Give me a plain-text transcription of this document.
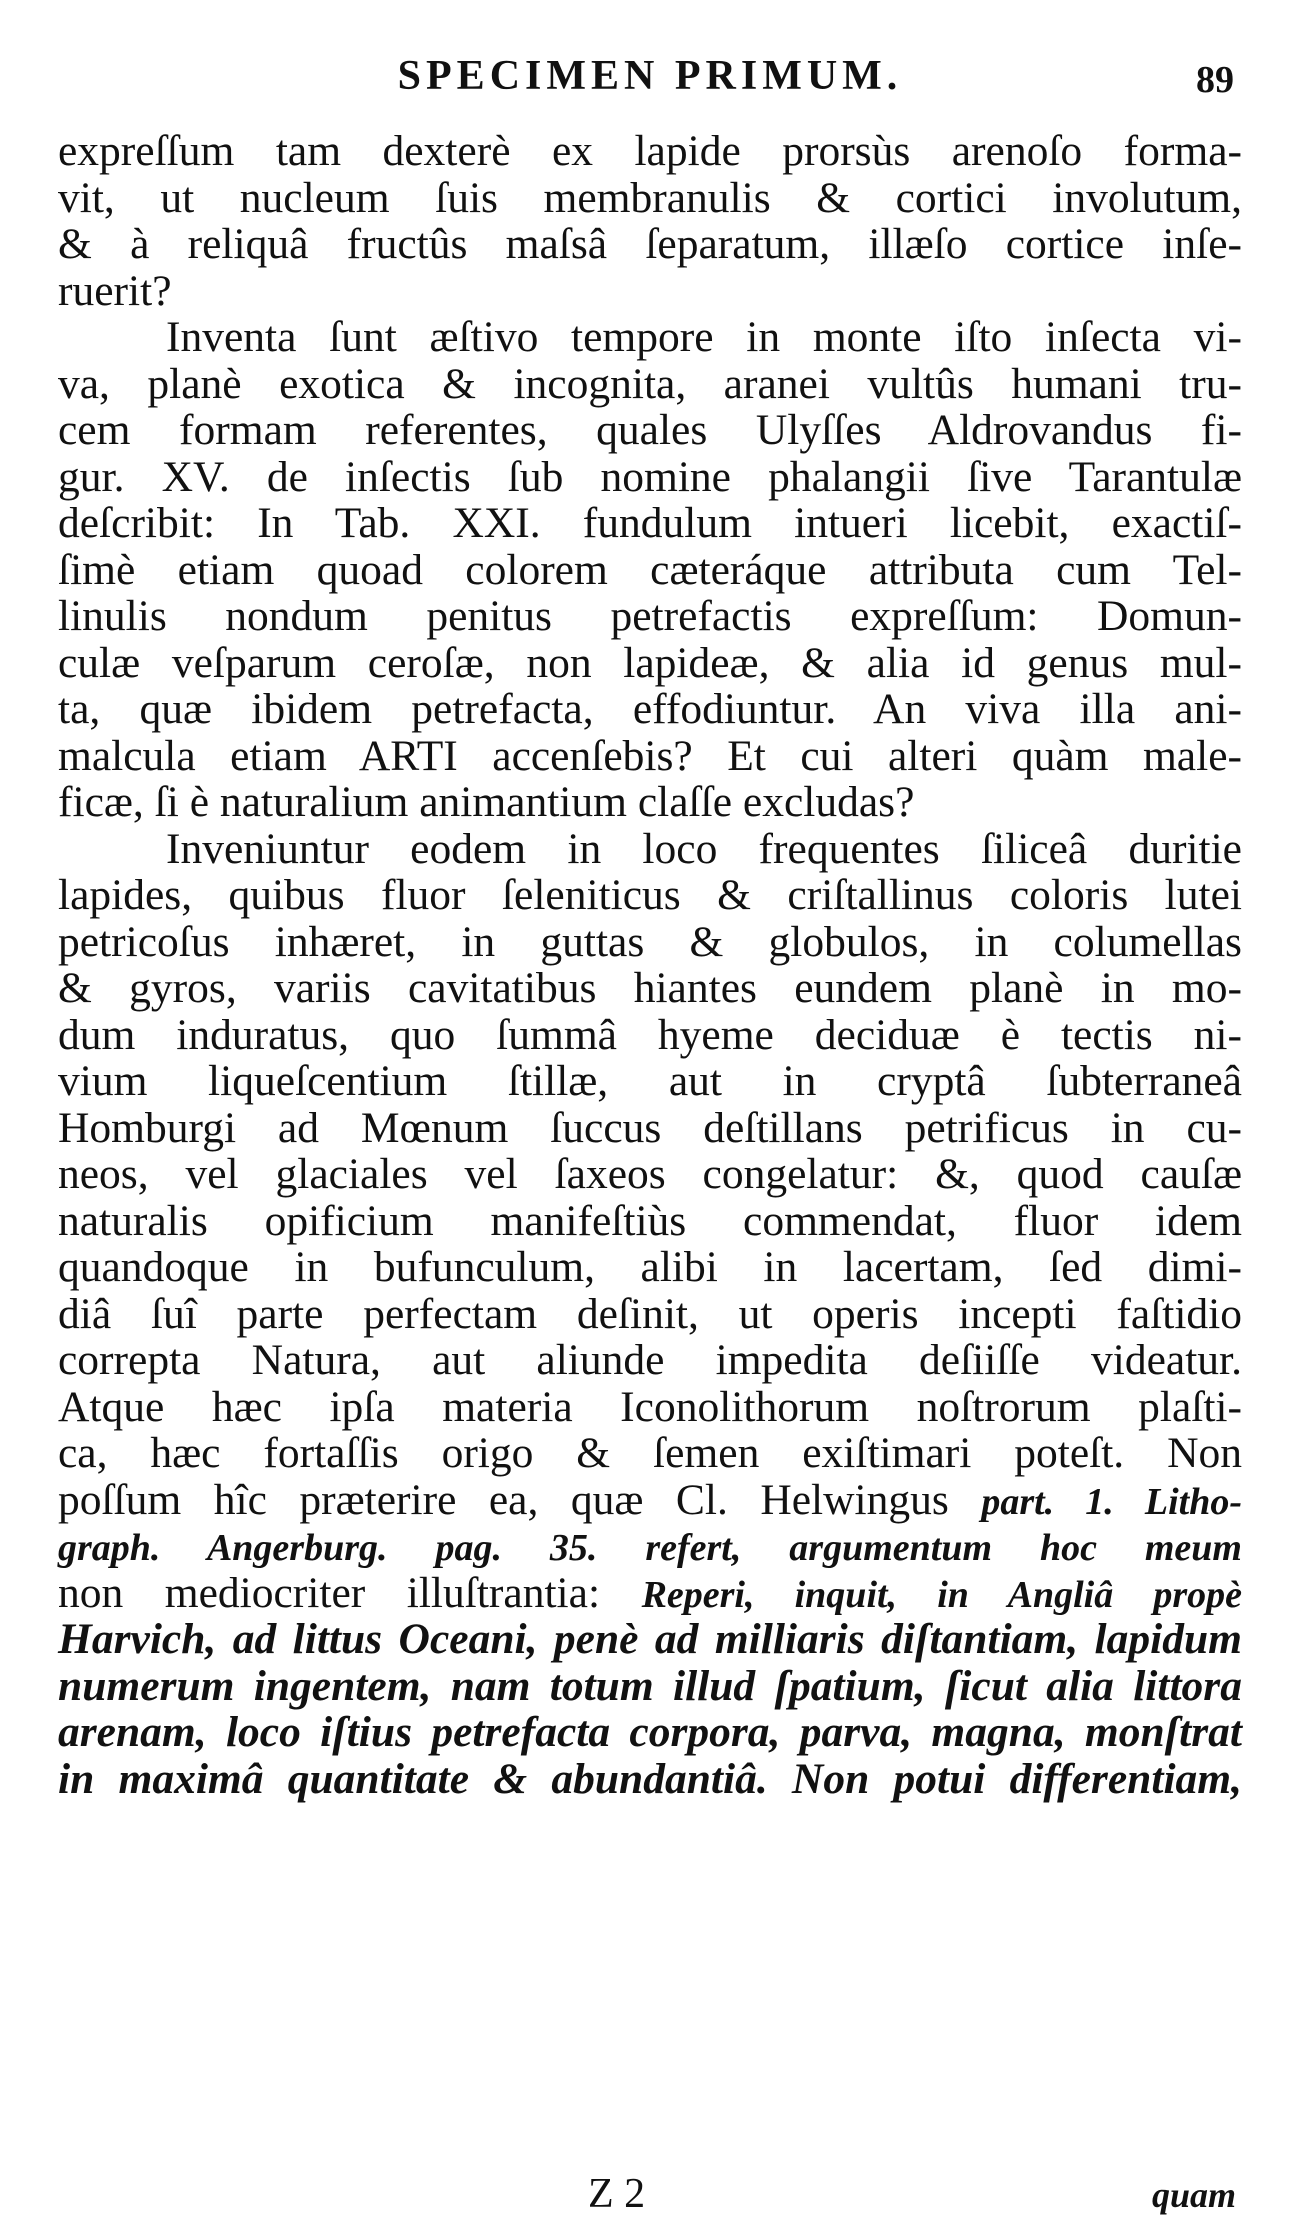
SPECIMEN PRIMUM.	89
expreſſum tam dexterè ex lapide prorsùs arenoſo forma-
vit, ut nucleum ſuis membranulis & cortici involutum,
& à reliquâ fructûs maſsâ ſeparatum, illæſo cortice inſe-
ruerit?
Inventa ſunt æſtivo tempore in monte iſto inſecta vi-
va, planè exotica & incognita, aranei vultûs humani tru-
cem formam referentes, quales Ulyſſes Aldrovandus fi-
gur. XV. de inſectis ſub nomine phalangii ſive Tarantulæ
deſcribit: In Tab. XXI. fundulum intueri licebit, exactiſ-
ſimè etiam quoad colorem cæteráque attributa cum Tel-
linulis nondum penitus petrefactis expreſſum: Domun-
culæ veſparum ceroſæ, non lapideæ, & alia id genus mul-
ta, quæ ibidem petrefacta, effodiuntur. An viva illa ani-
malcula etiam ARTI accenſebis? Et cui alteri quàm male-
ficæ, ſi è naturalium animantium claſſe excludas?
Inveniuntur eodem in loco frequentes ſiliceâ duritie
lapides, quibus fluor ſeleniticus & criſtallinus coloris lutei
petricoſus inhæret, in guttas & globulos, in columellas
& gyros, variis cavitatibus hiantes eundem planè in mo-
dum induratus, quo ſummâ hyeme deciduæ è tectis ni-
vium liqueſcentium ſtillæ, aut in cryptâ ſubterraneâ
Homburgi ad Mœnum ſuccus deſtillans petrificus in cu-
neos, vel glaciales vel ſaxeos congelatur: &, quod cauſæ
naturalis opificium manifeſtiùs commendat, fluor idem
quandoque in bufunculum, alibi in lacertam, ſed dimi-
diâ ſuî parte perfectam deſinit, ut operis incepti faſtidio
correpta Natura, aut aliunde impedita deſiiſſe videatur.
Atque hæc ipſa materia Iconolithorum noſtrorum plaſti-
ca, hæc fortaſſis origo & ſemen exiſtimari poteſt. Non
poſſum hîc præterire ea, quæ Cl. Helwingus part. 1. Litho-
graph. Angerburg. pag. 35. refert, argumentum hoc meum
non mediocriter illuſtrantia: Reperi, inquit, in Angliâ propè
Harvich, ad littus Oceani, penè ad milliaris diſtantiam, lapidum
numerum ingentem, nam totum illud ſpatium, ſicut alia littora
arenam, loco iſtius petrefacta corpora, parva, magna, monſtrat
in maximâ quantitate & abundantiâ. Non potui differentiam,
Z 2	quam
